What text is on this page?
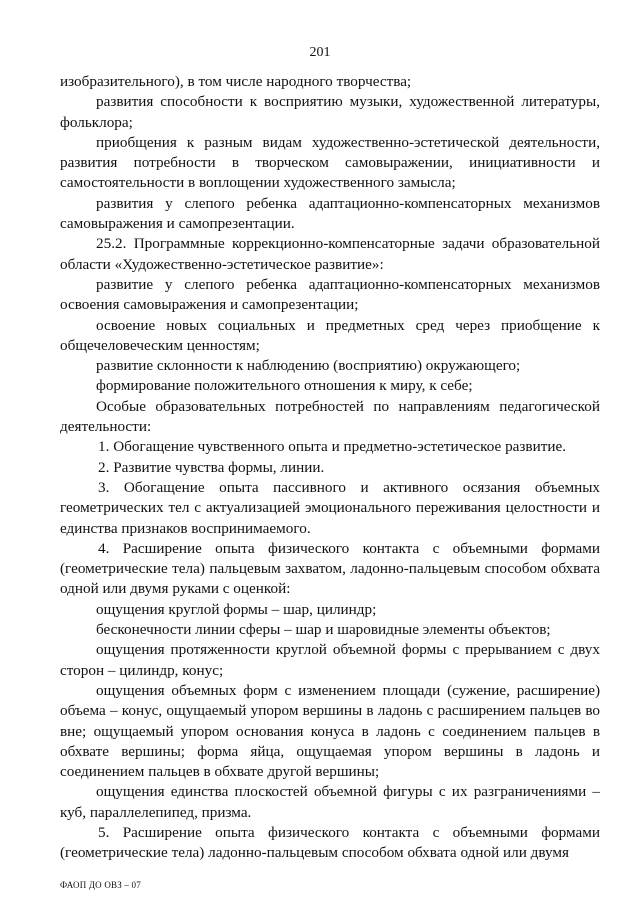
201

изобразительного), в том числе народного творчества;

развития способности к восприятию музыки, художественной литературы, фольклора;

приобщения к разным видам художественно-эстетической деятельности, развития потребности в творческом самовыражении, инициативности и самостоятельности в воплощении художественного замысла;

развития у слепого ребенка адаптационно-компенсаторных механизмов самовыражения и самопрезентации.

25.2. Программные коррекционно-компенсаторные задачи образовательной области «Художественно-эстетическое развитие»:

развитие у слепого ребенка адаптационно-компенсаторных механизмов освоения самовыражения и самопрезентации;

освоение новых социальных и предметных сред через приобщение к общечеловеческим ценностям;

развитие склонности к наблюдению (восприятию) окружающего;

формирование положительного отношения к миру, к себе;

Особые образовательных потребностей по направлениям педагогической деятельности:

1. Обогащение чувственного опыта и предметно-эстетическое развитие.

2. Развитие чувства формы, линии.

3. Обогащение опыта пассивного и активного осязания объемных геометрических тел с актуализацией эмоционального переживания целостности и единства признаков воспринимаемого.

4. Расширение опыта физического контакта с объемными формами (геометрические тела) пальцевым захватом, ладонно-пальцевым способом обхвата одной или двумя руками с оценкой:

ощущения круглой формы – шар, цилиндр;

бесконечности линии сферы – шар и шаровидные элементы объектов;

ощущения протяженности круглой объемной формы с прерыванием с двух сторон – цилиндр, конус;

ощущения объемных форм с изменением площади (сужение, расширение) объема – конус, ощущаемый упором вершины в ладонь с расширением пальцев во вне; ощущаемый упором основания конуса в ладонь с соединением пальцев в обхвате вершины; форма яйца, ощущаемая упором вершины в ладонь и соединением пальцев в обхвате другой вершины;

ощущения единства плоскостей объемной фигуры с их разграничениями – куб, параллелепипед, призма.

5. Расширение опыта физического контакта с объемными формами (геометрические тела) ладонно-пальцевым способом обхвата одной или двумя

ФАОП ДО ОВЗ – 07
